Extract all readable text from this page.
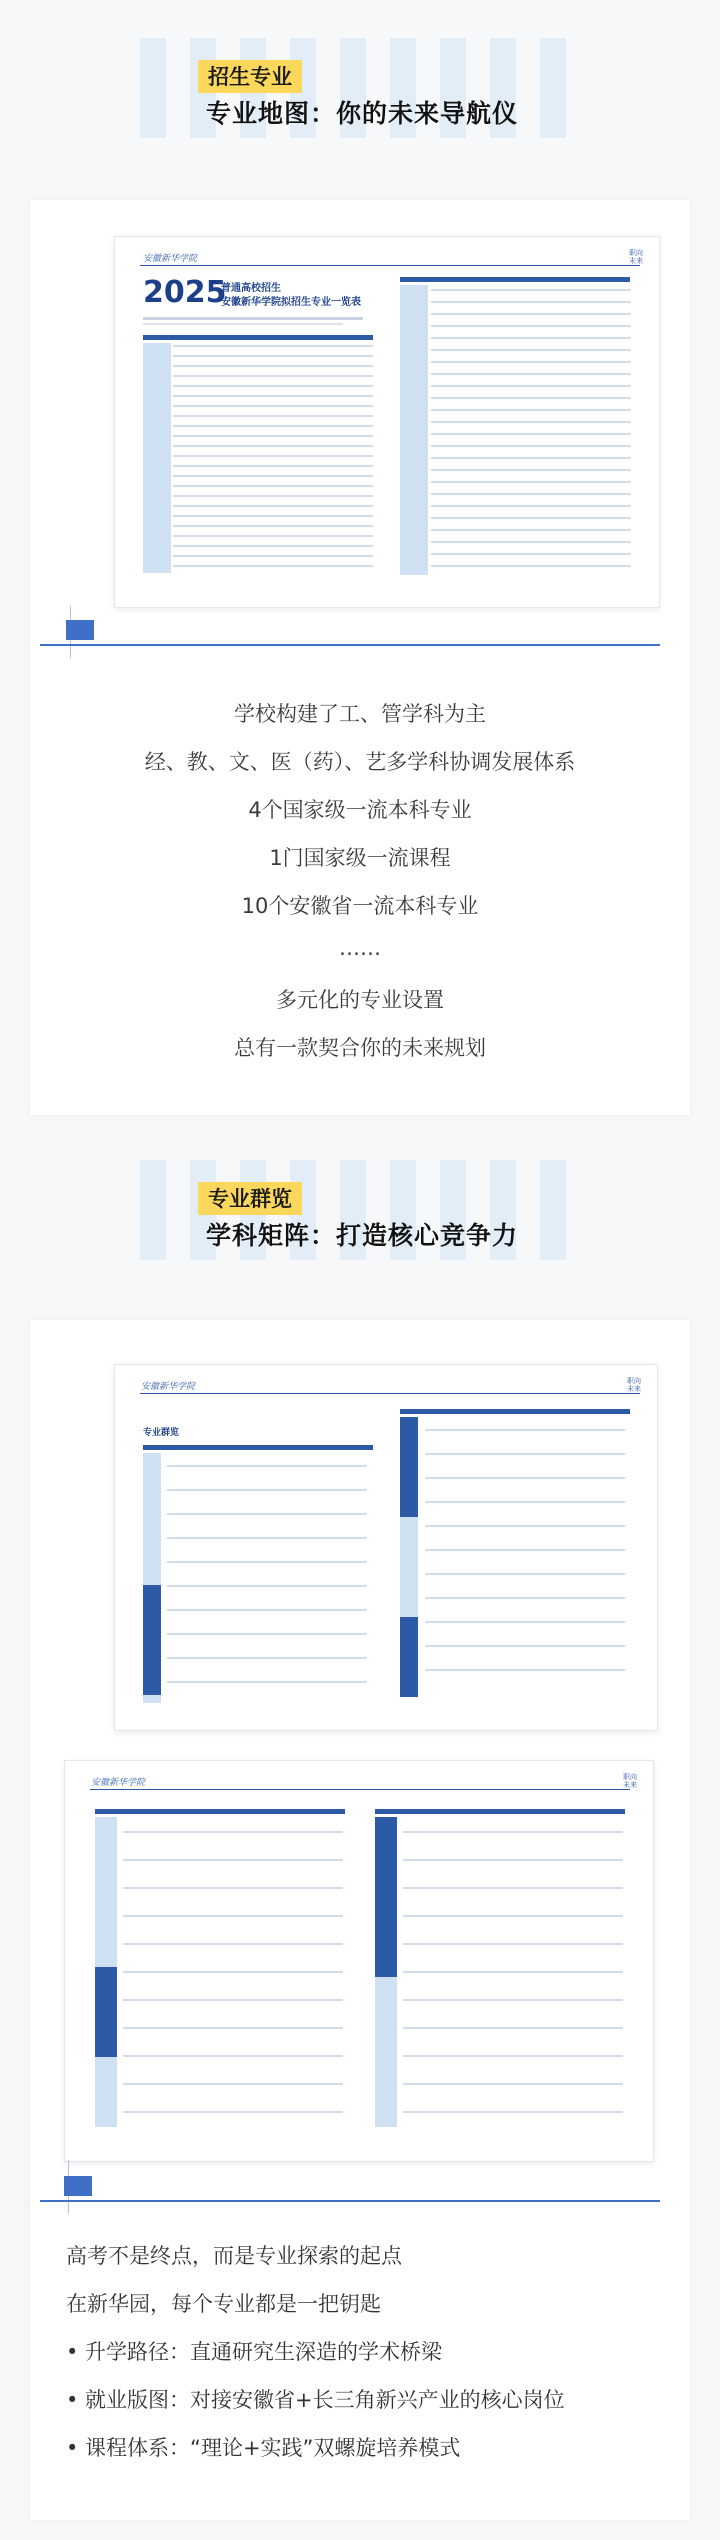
招生专业
专业地图：你的未来导航仪
安徽新华学院
职向 未来
2025
普通高校招生
安徽新华学院拟招生专业一览表
学校构建了工、管学科为主
经、教、文、医（药）、艺多学科协调发展体系
4个国家级一流本科专业
1门国家级一流课程
10个安徽省一流本科专业
……
多元化的专业设置
总有一款契合你的未来规划
专业群览
学科矩阵：打造核心竞争力
安徽新华学院
职向 未来
专业群览
安徽新华学院
职向 未来
高考不是终点，而是专业探索的起点
在新华园，每个专业都是一把钥匙
• 升学路径：直通研究生深造的学术桥梁
• 就业版图：对接安徽省+长三角新兴产业的核心岗位
• 课程体系：“理论+实践”双螺旋培养模式
